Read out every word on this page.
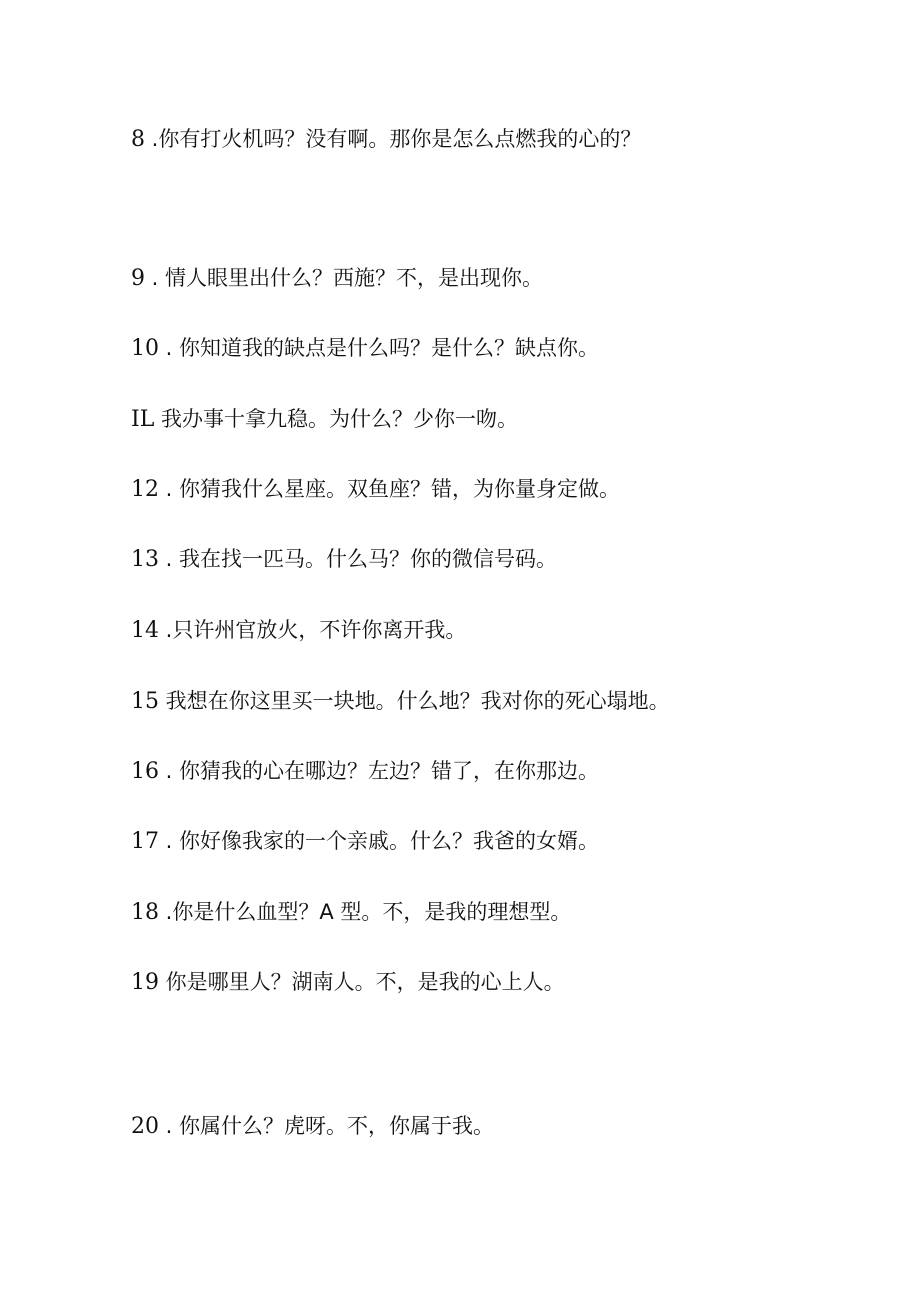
8 .你有打火机吗？没有啊。那你是怎么点燃我的心的？
9 . 情人眼里出什么？西施？不，是出现你。
10 . 你知道我的缺点是什么吗？是什么？缺点你。
IL 我办事十拿九稳。为什么？少你一吻。
12 . 你猜我什么星座。双鱼座？错，为你量身定做。
13 . 我在找一匹马。什么马？你的微信号码。
14 .只许州官放火，不许你离开我。
15 我想在你这里买一块地。什么地？我对你的死心塌地。
16 . 你猜我的心在哪边？左边？错了，在你那边。
17 . 你好像我家的一个亲戚。什么？我爸的女婿。
18 .你是什么血型？A 型。不，是我的理想型。
19 你是哪里人？湖南人。不，是我的心上人。
20 . 你属什么？虎呀。不，你属于我。
